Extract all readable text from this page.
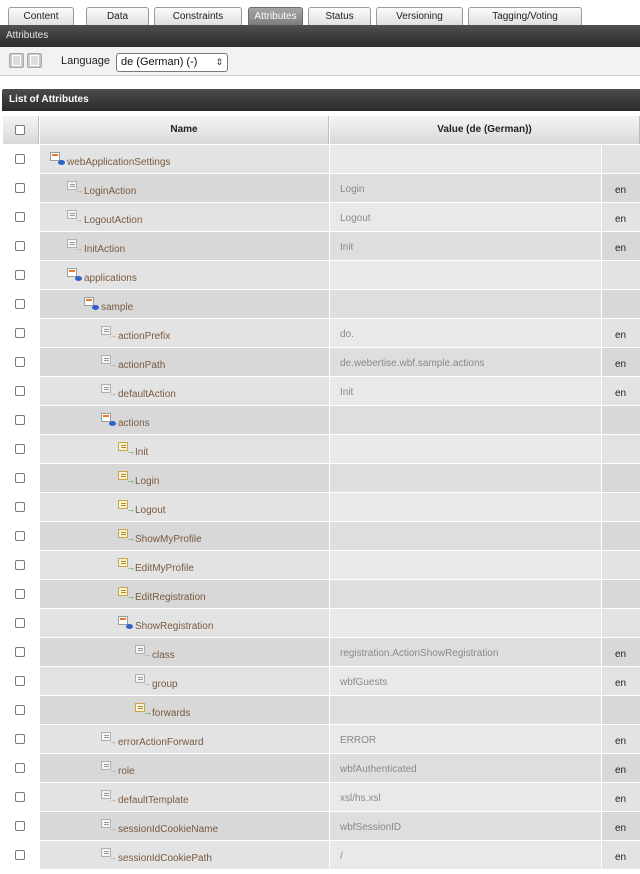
Content	Data	Constraints	Attributes	Status	Versioning	Tagging/Voting
Attributes
Language	de (German) (-) ⇕
List of Attributes
Name	Value (de (German))
webApplicationSettings
→ LoginAction	Login	en
→ LogoutAction	Logout	en
→ InitAction	Init	en
applications
sample
→ actionPrefix	do.	en
→ actionPath	de.webertise.wbf.sample.actions	en
→ defaultAction	Init	en
actions
→ Init
→ Login
→ Logout
→ ShowMyProfile
→ EditMyProfile
→ EditRegistration
ShowRegistration
→ class	registration.ActionShowRegistration	en
→ group	wbfGuests	en
→ forwards
→ errorActionForward	ERROR	en
→ role	wbfAuthenticated	en
→ defaultTemplate	xsl/hs.xsl	en
→ sessionIdCookieName	wbfSessionID	en
→ sessionIdCookiePath	/	en
